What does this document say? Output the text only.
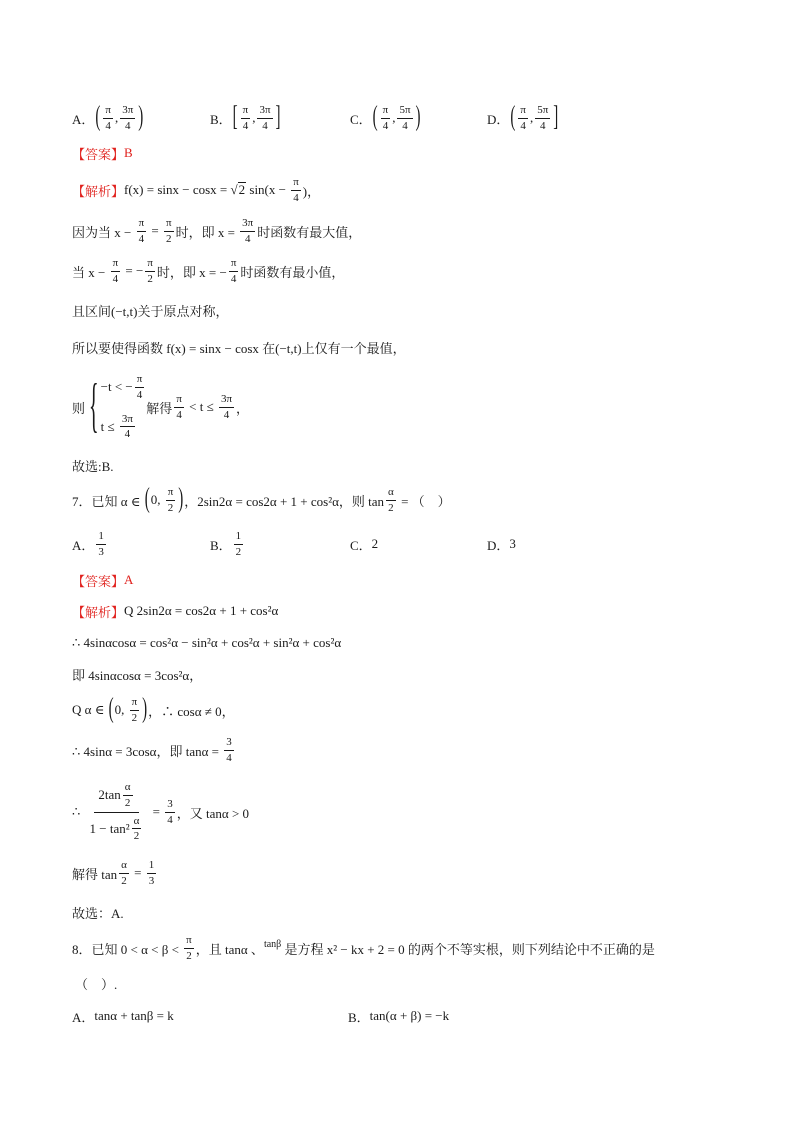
A． ( $\frac{\pi}{4}$ , $\frac{3\pi}{4}$ )	B． [ $\frac{\pi}{4}$ , $\frac{3\pi}{4}$ ]	C． ( $\frac{\pi}{4}$ , $\frac{5\pi}{4}$ )	D． ( $\frac{\pi}{4}$ , $\frac{5\pi}{4}$ ]
【答案】 B
【解析】 f(x) = sinx − cosx = √ 2 $\sin(x - \frac{\pi}{4}$ )，
因为当 $x - \frac{\pi}{4} = \frac{\pi}{2}$ 时，即 $x = \frac{3\pi}{4}$ 时函数有最大值，
当 $x - \frac{\pi}{4}$ = − $\frac{\pi}{2}$ 时，即 x = − $\frac{\pi}{4}$ 时函数有最小值，
且区间(−t,t)关于原点对称，
所以要使得函数 f(x) = sinx − cosx 在(−t,t)上仅有一个最值，
则 { −t < − $\frac{\pi}{4}$
$t \le \frac{3\pi}{4}$
解得 $\frac{\pi}{4} < t \le \frac{3\pi}{4}$ ，
故选:B.
7．已知 α ∈ ( 0, $\frac{\pi}{2}$ ) ，2sin2α = cos2α + 1 + cos²α，则 $\tan \frac{\alpha}{2}$ = （　）
A． $\frac{1}{3}$	B． $\frac{1}{2}$	C． 2	D． 3
【答案】 A
【解析】 Q 2sin2α = cos2α + 1 + cos²α
∴ 4sinαcosα = cos²α − sin²α + cos²α + sin²α + cos²α
即 4sinαcosα = 3cos²α，
Q α ∈ ( 0, $\frac{\pi}{2}$ ) ，∴ cosα ≠ 0，
∴ 4sinα = 3cosα，即 $\tan\alpha = \frac{3}{4}$
∴ $\frac{2\tan \frac{\alpha}{2}}{1 - \tan^2 \frac{\alpha}{2}} = \frac{3}{4}$ ，又 tanα > 0
解得 $\tan \frac{\alpha}{2} = \frac{1}{3}$
故选：A.
8．已知 $0 < \alpha < \beta < \frac{\pi}{2}$ ，且 tanα 、 tanβ 是方程 x² − kx + 2 = 0 的两个不等实根，则下列结论中不正确的是
（　）.
A． tanα + tanβ = k	B． tan(α + β) = −k
